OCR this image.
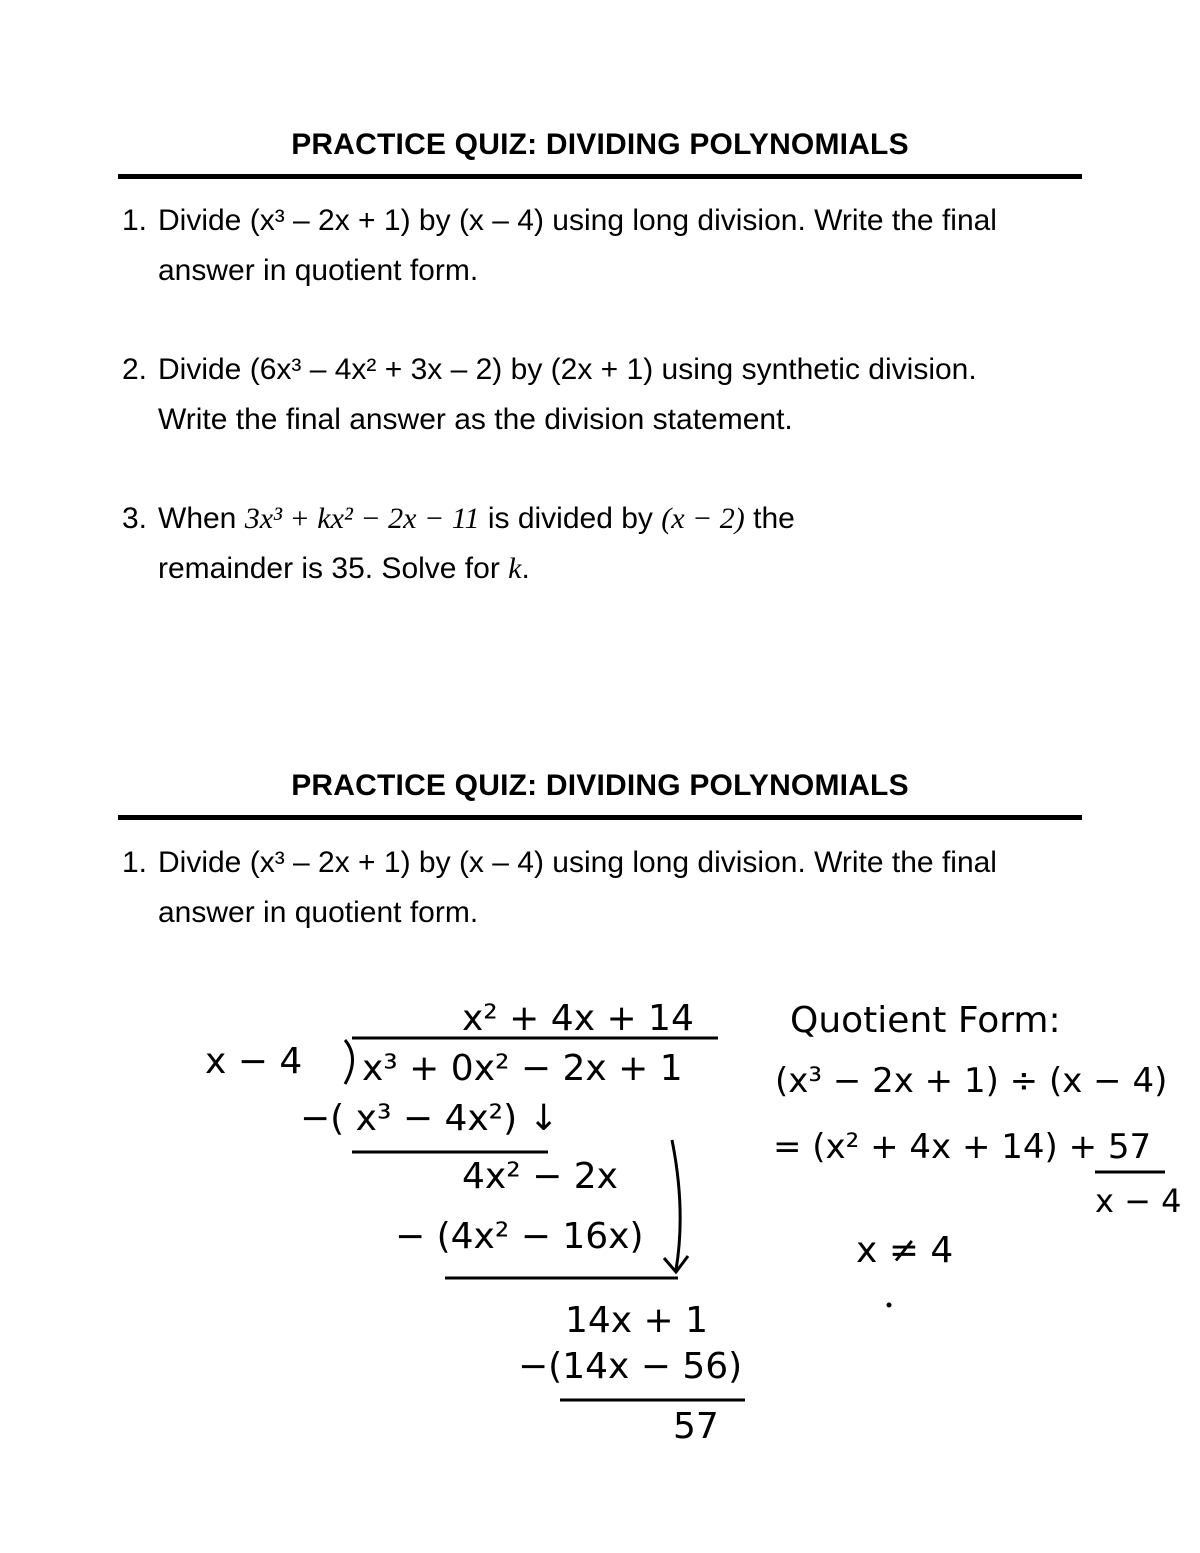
PRACTICE QUIZ: DIVIDING POLYNOMIALS
1. Divide (x³ – 2x + 1) by (x – 4) using long division. Write the final
answer in quotient form.
2. Divide (6x³ – 4x² + 3x – 2) by (2x + 1) using synthetic division.
Write the final answer as the division statement.
3. When 3x³ + kx² − 2x − 11 is divided by (x − 2) the
remainder is 35. Solve for k.
PRACTICE QUIZ: DIVIDING POLYNOMIALS
1. Divide (x³ – 2x + 1) by (x – 4) using long division. Write the final
answer in quotient form.
x² + 4x + 14
x − 4 x³ + 0x² − 2x + 1
−( x³ − 4x²) ↓
4x² − 2x
− (4x² − 16x)
14x + 1
−(14x − 56)
57
Quotient Form:
(x³ − 2x + 1) ÷ (x − 4)
= (x² + 4x + 14) + 57
x − 4
x ≠ 4
